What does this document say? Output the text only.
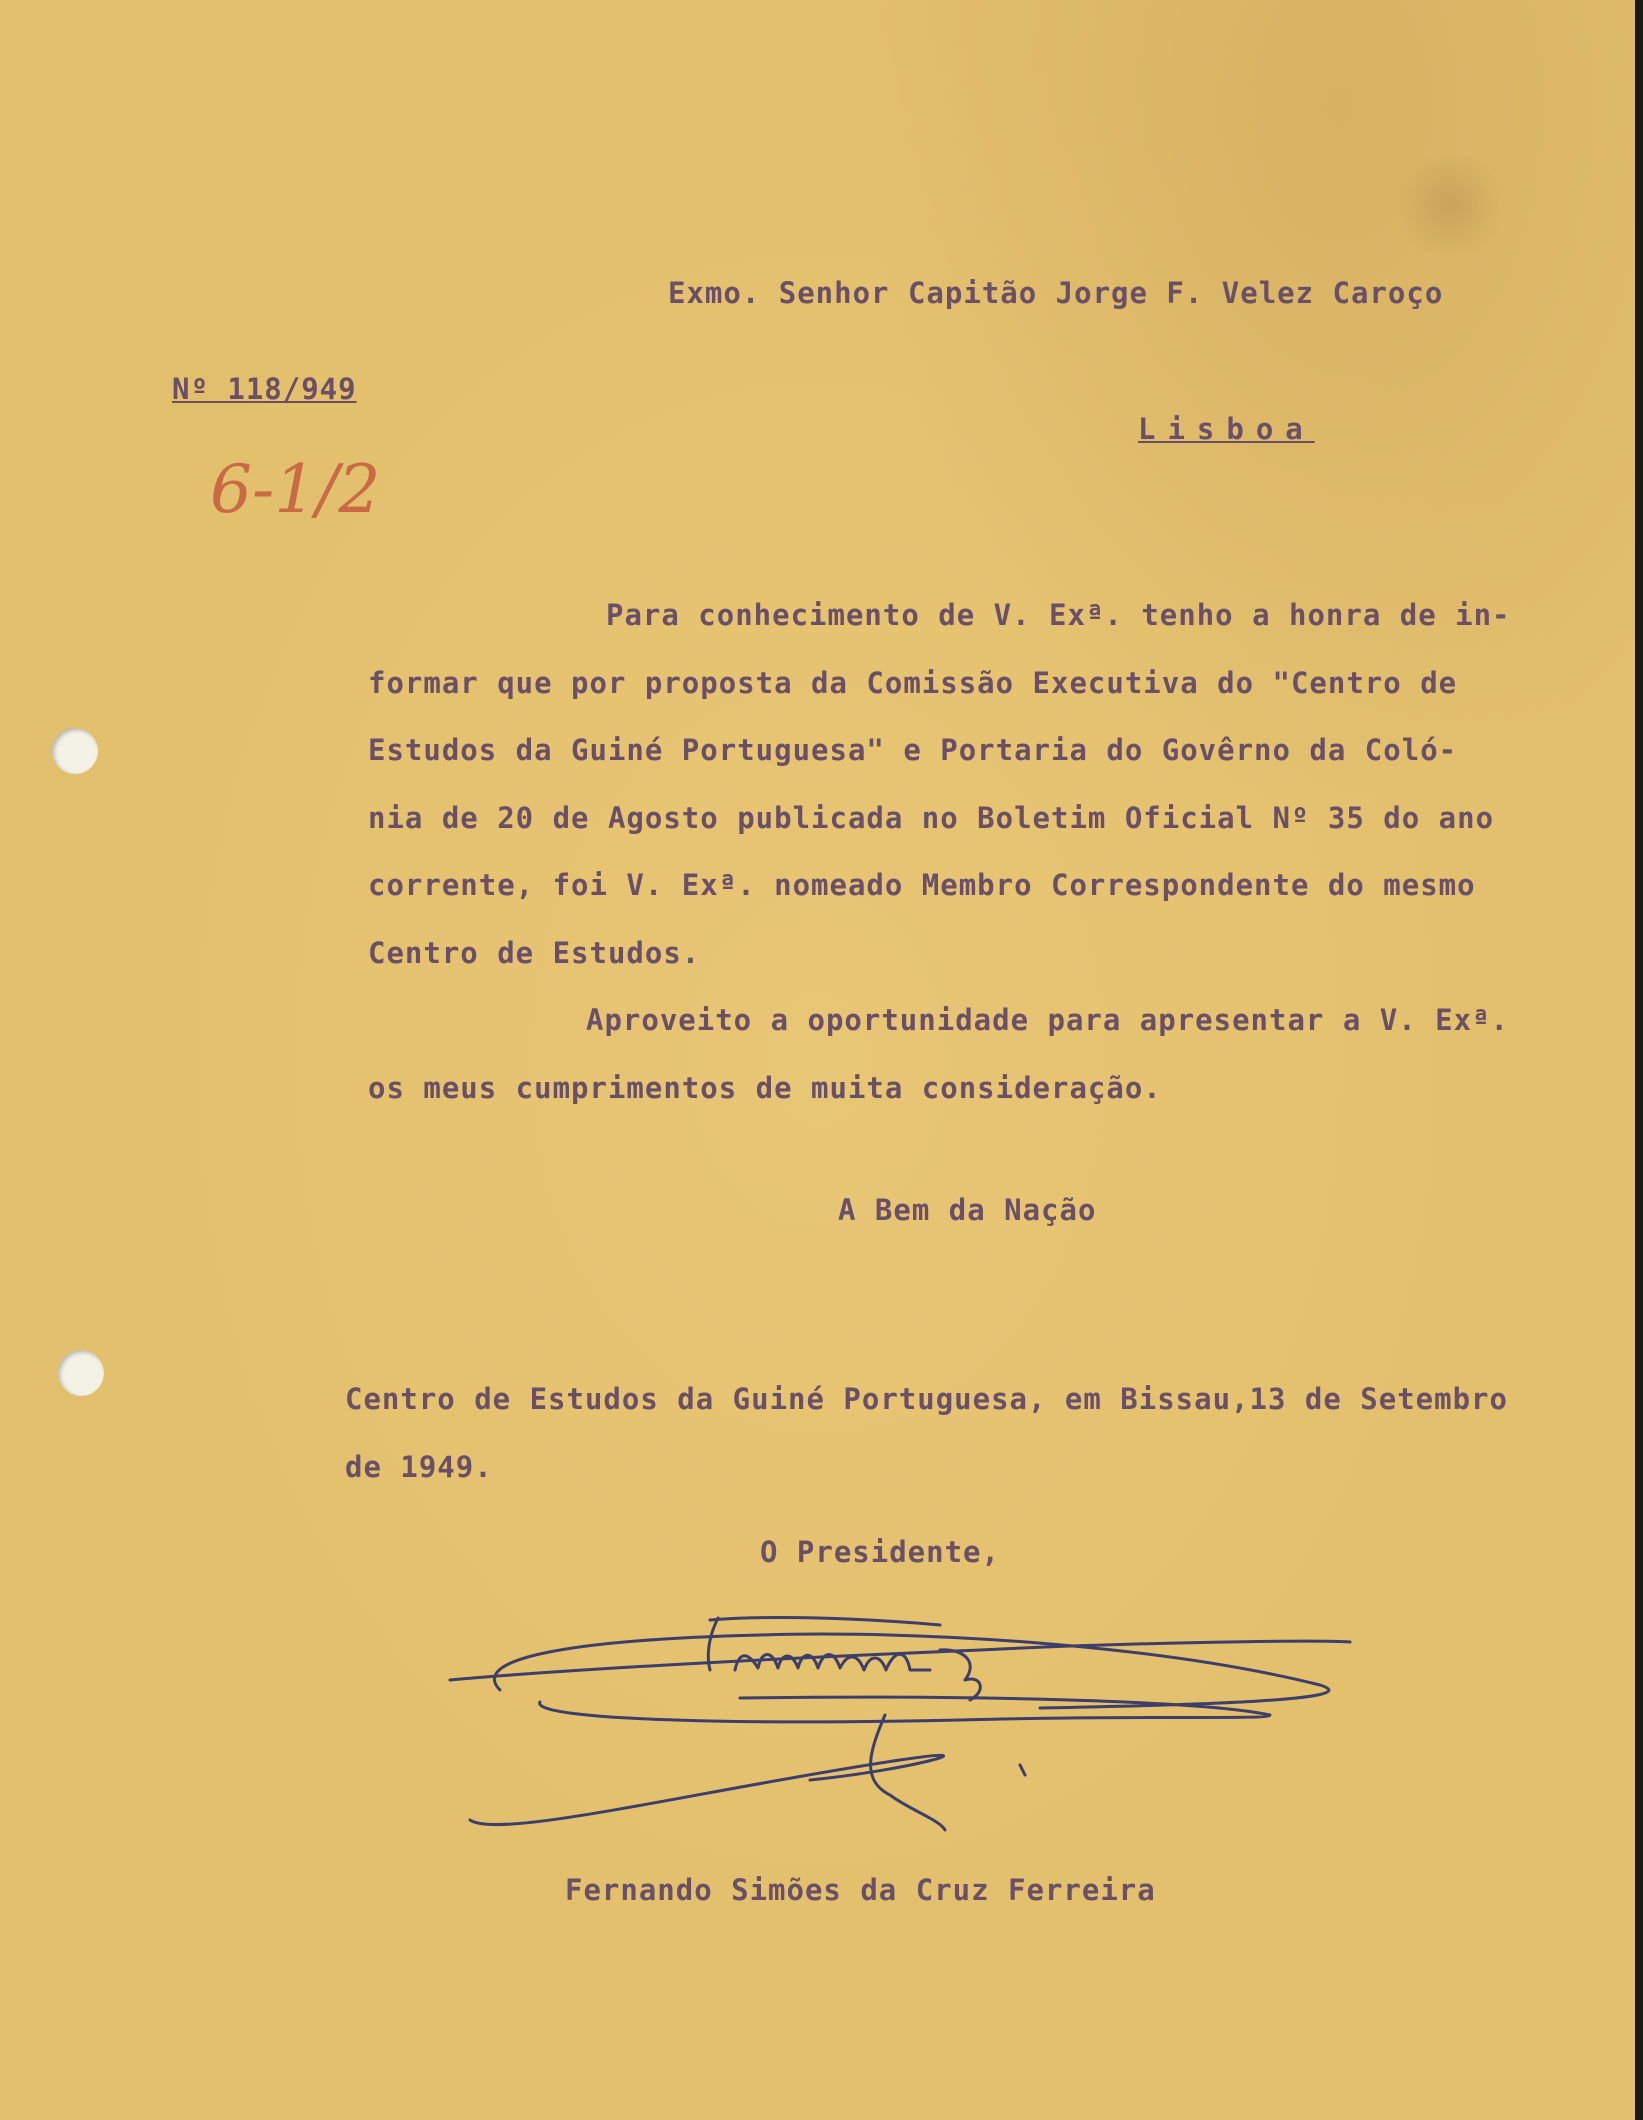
Exmo. Senhor Capitão Jorge F. Velez Caroço
Nº 118/949
Lisboa
6-1/2

Para conhecimento de V. Exª. tenho a honra de in-

formar que por proposta da Comissão Executiva do "Centro de

Estudos da Guiné Portuguesa" e Portaria do Govêrno da Coló-

nia de 20 de Agosto publicada no Boletim Oficial Nº 35 do ano

corrente, foi V. Exª. nomeado Membro Correspondente do mesmo

Centro de Estudos.

Aproveito a oportunidade para apresentar a V. Exª.

os meus cumprimentos de muita consideração.

A Bem da Nação

Centro de Estudos da Guiné Portuguesa, em Bissau,13 de Setembro

de 1949.

O Presidente,
Fernando Simões da Cruz Ferreira
